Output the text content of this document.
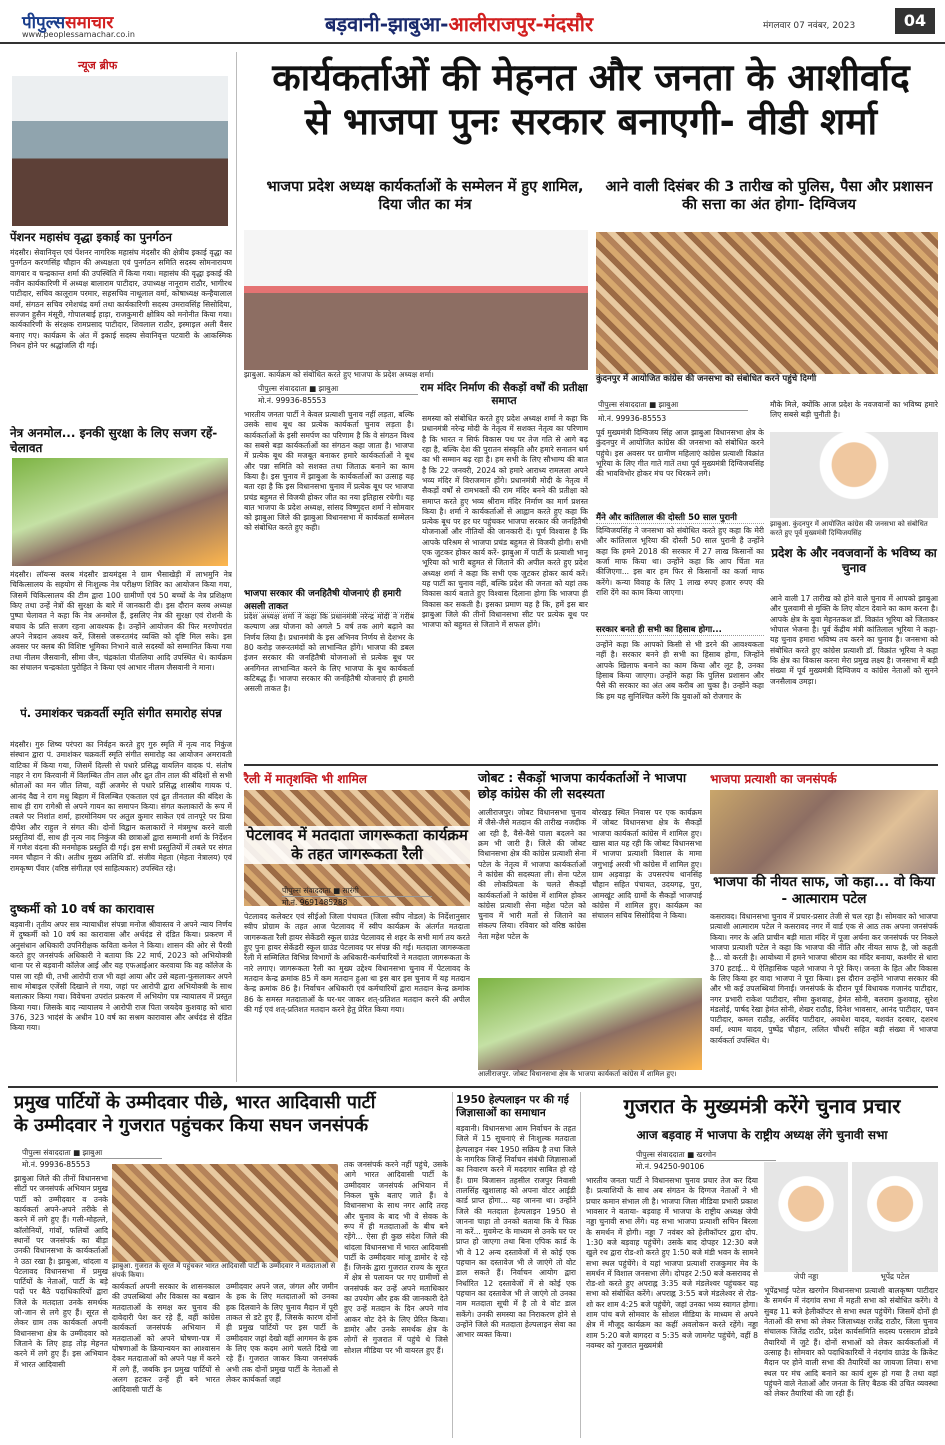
पीपुल्ससमाचार
www.peoplessamachar.co.in	बड़वानी-झाबुआ-आलीराजपुर-मंदसौर	मंगलवार 07 नवंबर, 2023	04
न्यूज ब्रीफ
पेंशनर महासंघ वृद्धा इकाई का पुनर्गठन
मंदसौर। सेवानिवृत्त एवं पेंशनर नागरिक महासंघ मंदसौर की क्षेत्रीय इकाई वृद्धा का पुनर्गठन करणसिंह चौहान की अध्यक्षता एवं पुनर्गठन समिति सदस्य सोमनारायण वागवार व चन्द्रकान्त शर्मा की उपस्थिति में किया गया। महासंघ की वृद्धा इकाई की नवीन कार्यकारिणी में अध्यक्ष बालाराम पाटीदार, उपाध्यक्ष नानूराम राठौर, भागीरथ पाटीदार, सचिव कालूराम परमार, सहसचिव नाथूलाल वर्मा, कोषाध्यक्ष कन्हैयालाल वर्मा, संगठन सचिव रमेशचंद्र वर्मा तथा कार्यकारिणी सदस्य उमरावसिंह सिसोदिया, सज्जन हुसैन मंसूरी, गोपालबाई हाड़ा, राजकुमारी क्षोत्रिय को मनोनीत किया गया। कार्यकारिणी के संरक्षक रामप्रसाद पाटीदार, शिवलाल राठौर, इस्माइल अली वैसर बनाए गए। कार्यक्रम के अंत में इकाई सदस्य सेवानिवृत्त पटवारी के आकस्मिक निधन होने पर श्रद्धांजलि दी गई।
नेत्र अनमोल... इनकी सुरक्षा के लिए सजग रहें- चेलावत
मंदसौर। लॉयन्स क्लब मंदसौर डायमंड्स ने ग्राम भैसाखेड़ी में लाभमुनि नेत्र चिकित्सालय के सहयोग से निःशुल्क नेत्र परीक्षण शिविर का आयोजन किया गया, जिसमें चिकित्सालय की टीम द्वारा 100 ग्रामीणों एवं 50 बच्चों के नेत्र प्रशिक्षण किए तथा उन्हें नेत्रों की सुरक्षा के बारे में जानकारी दी। इस दौरान क्लब अध्यक्ष पुष्पा चेलावत ने कहा कि नेत्र अनमोल हैं, इसलिए नेत्र की सुरक्षा एवं रोशनी के बचाव के प्रति सजग रहना आवश्यक है। उन्होंने आयोजन की फिर मरणोपरांत अपने नेत्रदान अवश्य करें, जिससे जरूरतमंद व्यक्ति को दृष्टि मिल सके। इस अवसर पर क्लब की विशिष्ट भूमिका निभाने वाले सदस्यों को सम्मानित किया गया तथा नीलम जैसवानी, सीमा जैन, चंद्रकांता पीतलिया आदि उपस्थित थे। कार्यक्रम का संचालन चन्द्रकांता पुरोहित ने किया एवं आभार नीलम जैसवानी ने माना।
पं. उमाशंकर चक्रवर्ती स्मृति संगीत समारोह संपन्न
मंदसौर। गुरु शिष्य परंपरा का निर्वहन करते हुए गुरु स्मृति में नृत्य नाद निकुंज संस्थान द्वारा पं. उमाशंकर चक्रवर्ती स्मृति संगीत समारोह का आयोजन अमरावती वाटिका में किया गया, जिसमें दिल्ली से पधारे प्रसिद्ध वायलिन वादक पं. संतोष नाहर ने राग किरवानी में विलम्बित तीन ताल और द्रुत तीन ताल की बंदिशों से सभी श्रोताओं का मन जीत लिया, वहीं अजमेर से पधारे प्रसिद्ध शास्त्रीय गायक पं. आनंद वैद्य ने राग मधु बिहाग में विलम्बित एकताल एवं द्रुत तीनताल की बंदिश के साथ ही राग रागेश्री से अपने गायन का समापन किया। संगत कलाकारों के रूप में तबले पर निशांत शर्मा, हारमोनियम पर अतुल कुमार साकेत एवं तानपूरे पर प्रिया दीपेश और राहुल ने संगत की। दोनों विद्वान कलाकारों ने मंत्रमुग्ध करने वाली प्रस्तुतियां दीं, साथ ही नृत्य नाद निकुंज की छात्राओं द्वारा सम्मानी शर्मा के निर्देशन में गणेश वंदना की मनमोहक प्रस्तुति दी गई। इस सभी प्रस्तुतियों में तबले पर संगत नमन चौहान ने की। अतीथ मुख्य अतिथि डॉ. संजीव मेहता (मेहता नेत्रालय) एवं रामकृष्ण पँवार (वरिष्ठ संगीतज्ञ एवं साहित्यकार) उपस्थित रहे।
दुष्कर्मी को 10 वर्ष का कारावास
बड़वानी। तृतीय अपर सत्र न्यायाधीश संपन्ना मनोज श्रीवास्तव ने अपने न्याय निर्णय में दुष्कर्मी को 10 वर्ष का कारावास और अर्थदंड से दंडित किया। प्रकरण में अनुसंधान अधिकारी उपनिरीक्षक कविता कनेल ने किया। शासन की ओर से पैरवी करते हुए जनसंपर्क अधिकारी ने बताया कि 22 मार्च, 2023 को अभियोक्त्री थाना पर से बड़वानी कॉलेज आई और यह एफआईआर करवाया कि वह कॉलेज के पास जा रही थी, तभी आरोपी राज भी वहां आया और उसे बहला-फुसलाकर अपने साथ मोबाइल एजेंसी दिखाने ले गया, जहां पर आरोपी द्वारा अभियोक्त्री के साथ बलात्कार किया गया। विवेचना उपरांत प्रकरण में अभियोग पत्र न्यायालय में प्रस्तुत किया गया। जिसके बाद न्यायालय ने आरोपी राज पिता जयदेव कुशवाह को धारा 376, 323 भादंसं के अधीन 10 वर्ष का सश्रम कारावास और अर्थदंड से दंडित किया गया।
कार्यकर्ताओं की मेहनत और जनता के आशीर्वाद
से भाजपा पुनः सरकार बनाएगी- वीडी शर्मा
भाजपा प्रदेश अध्यक्ष कार्यकर्ताओं के सम्मेलन में हुए शामिल, दिया जीत का मंत्र
झाबुआ. कार्यक्रम को संबोधित करते हुए भाजपा के प्रदेश अध्यक्ष शर्मा।
पीपुल्स संवाददाता ■ झाबुआ
मो.नं. 99936-85553
भारतीय जनता पार्टी ने केवल प्रत्याशी चुनाव नहीं लड़ता, बल्कि उसके साथ बूथ का प्रत्येक कार्यकर्ता चुनाव लड़ता है। कार्यकर्ताओं के इसी समर्पण का परिणाम है कि वे संगठन विश्व का सबसे बड़ा कार्यकर्ताओं का संगठन कहा जाता है। भाजपा में प्रत्येक बूथ की मजबूत बनाकर हमारे कार्यकर्ताओं ने बूथ और पन्ना समिति को सशक्त तथा जिताऊ बनाने का काम किया है। इस चुनाव में झाबुआ के कार्यकर्ताओं का उत्साह यह बता रहा है कि इस विधानसभा चुनाव में प्रत्येक बूथ पर भाजपा प्रचंड बहुमत से विजयी होकर जीत का नया इतिहास रचेगी। यह बात भाजपा के प्रदेश अध्यक्ष, सांसद विष्णुदत्त शर्मा ने सोमवार को झाबुआ जिले की झाबुआ विधानसभा में कार्यकर्ता सम्मेलन को संबोधित करते हुए कही।
भाजपा सरकार की जनहितैषी योजनाएं ही हमारी असली ताकत
प्रदेश अध्यक्ष शर्मा ने कहा कि प्रधानमंत्री नरेन्द्र मोदी ने गरीब कल्याण अन्न योजना को अगले 5 वर्ष तक आगे बढ़ाने का निर्णय लिया है। प्रधानमंत्री के इस अभिनव निर्णय से देशभर के 80 करोड़ जरूरतमंदों को लाभान्वित होंगे। भाजपा की डबल इंजन सरकार की जनहितैषी योजनाओं से प्रत्येक बूथ पर अनगिनत लाभान्वित करने के लिए भाजपा के बूथ कार्यकर्ता कटिबद्ध हैं। भाजपा सरकार की जनहितैषी योजनाएं ही हमारी असली ताकत है।
राम मंदिर निर्माण की सैकड़ों वर्षों की प्रतीक्षा समाप्त
समस्या को संबोधित करते हुए प्रदेश अध्यक्ष शर्मा ने कहा कि प्रधानमंत्री नरेन्द्र मोदी के नेतृत्व में सशक्त नेतृत्व का परिणाम है कि भारत न सिर्फ विकास पथ पर तेज गति से आगे बढ़ रहा है, बल्कि देश की पुरातन संस्कृति और हमारे सनातन धर्म का भी सम्मान बढ़ रहा है। हम सभी के लिए सौभाग्य की बात है कि 22 जनवरी, 2024 को हमारे आराध्य रामलला अपने भव्य मंदिर में विराजमान होंगे। प्रधानमंत्री मोदी के नेतृत्व में सैकड़ों वर्षों से रामभक्तों की राम मंदिर बनने की प्रतीक्षा को समाप्त करते हुए भव्य श्रीराम मंदिर निर्माण का मार्ग प्रशस्त किया है। शर्मा ने कार्यकर्ताओं से आह्वान करते हुए कहा कि प्रत्येक बूथ पर हर घर पहुंचकर भाजपा सरकार की जनहितैषी योजनाओं और नीतियों की जानकारी दें। पूर्ण विश्वास है कि आपके परिश्रम से भाजपा प्रचंड बहुमत से विजयी होगी। सभी एक जुटकर होकर कार्य करें- झाबुआ में पार्टी के प्रत्याशी भानू भूरिया को भारी बहुमत से जिताने की अपील करते हुए प्रदेश अध्यक्ष शर्मा ने कहा कि सभी एक जुटकर होकर कार्य करें। यह पार्टी का चुनाव नहीं, बल्कि प्रदेश की जनता को यहां तक विकास कार्य बताते हुए विश्वास दिलाना होगा कि भाजपा ही विकास कर सकती है। इसका प्रमाण यह है कि, हमें इस बार झाबुआ जिले की तीनों विधानसभा सीट पर प्रत्येक बूथ पर भाजपा को बहुमत से जिताने में सफल होंगे।
आने वाली दिसंबर की 3 तारीख को पुलिस, पैसा और प्रशासन की सत्ता का अंत होगा- दिग्विजय
कुंदनपुर में आयोजित कांग्रेस की जनसभा को संबोधित करने पहुंचे दिग्गी
पीपुल्स संवाददाता ■ झाबुआ
मो.नं. 99936-85553
पूर्व मुख्यमंत्री दिग्विजय सिंह आज झाबुआ विधानसभा क्षेत्र के कुंदनपुर में आयोजित कांग्रेस की जनसभा को संबोधित करने पहुंचे। इस अवसर पर ग्रामीण महिलाएं कांग्रेस प्रत्याशी विक्रांत भूरिया के लिए गीत गाते गातें तथा पूर्व मुख्यमंत्री दिग्विजयसिंह की भावविभोर होकर मंच पर थिरकने लगे।
मैंने और कांतिलाल की दोस्ती 50 साल पुरानी
दिग्विजयसिंह ने जनसभा को संबोधित करते हुए कहा कि मेरी और कांतिलाल भूरिया की दोस्ती 50 साल पुरानी है उन्होंने कहा कि हमने 2018 की सरकार में 27 लाख किसानों का कर्जा माफ किया था। उन्होंने कहा कि आप चिंता मत कीजिएगा... इस बार हम फिर से किसानों का कर्जा माफ करेंगे। कन्या विवाह के लिए 1 लाख रुपए हजार रुपए की राशि देंगे का काम किया जाएगा।
सरकार बनते ही सभी का हिसाब होगा...
उन्होंने कहा कि आपको किसी से भी डरने की आवश्यकता नहीं है। सरकार बनने ही सभी का हिसाब होगा, जिन्होंने आपके खिलाफ बनाने का काम किया और लूट है, उनका हिसाब किया जाएगा। उन्होंने कहा कि पुलिस प्रशासन और पैसे की सरकार का अंत अब करीब आ चुका है। उन्होंने कहा कि हम यह सुनिश्चित करेंगे कि युवाओं को रोजगार के
मौके मिले, क्योंकि आज प्रदेश के नवजवानों का भविष्य हमारे लिए सबसे बड़ी चुनौती है।
झाबुआ. कुंदनपुर में आयोजित कांग्रेस की जनसभा को संबोधित करते हुए पूर्व मुख्यमंत्री दिग्विजयसिंह
प्रदेश के और नवजवानों के भविष्य का चुनाव
आने वाली 17 तारीख को होने वाले चुनाव में आपको झाबुआ और पुलवामी से मुक्ति के लिए वोटन देवाने का काम करना है। आपके क्षेत्र के युवा मेहनतकश डॉ. विक्रांत भूरिया को जिताकर भोपाल भेजना है। पूर्व केंद्रीय मंत्री कांतिलाल भूरिया ने कहा- यह चुनाव हमारा भविष्य तय करने का चुनाव है। जनसभा को संबोधित करते हुए कांग्रेस प्रत्याशी डॉ. विक्रांत भूरिया ने कहा कि क्षेत्र का विकास करना मेरा प्रमुख लक्ष्य है। जनसभा में बड़ी संख्या में पूर्व मुख्यमंत्री दिग्विजय व कांग्रेस नेताओं को सुनने जनसैलाब उमड़ा।
रैली में मातृशक्ति भी शामिल
पेटलावद में मतदाता जागरूकता कार्यक्रम के तहत जागरूकता रैली
पीपुल्स संवाददाता ■ सारंगी
मो.नं. 9691485288
पेटलावद कलेक्टर एवं सीईओ जिला पंचायत (जिला स्वीप नोडल) के निर्देशानुसार स्वीप प्रोग्राम के तहत आज पेटलावद में स्वीप कार्यक्रम के अंतर्गत मतदाता जागरूकता रैली हायर सेकेंडरी स्कूल ग्राउंड पेटलावद से शहर के सभी मार्ग तय करते हुए पुनः हायर सेकेंडरी स्कूल ग्राउंड पेटलावद पर संपन्न की गई। मतदाता जागरूकता रैली में सम्मिलित विभिन्न विभागों के अधिकारी-कर्मचारियों ने मतदाता जागरूकता के नारे लगाए। जागरूकता रैली का मुख्य उद्देश्य विधानसभा चुनाव में पेटलावद के मतदान केन्द्र क्रमांक 85 में कम मतदान हुआ था इस बार इस चुनाव में यह मतदान केन्द्र क्रमांक 86 है। निर्वाचन अधिकारी एवं कर्मचारियों द्वारा मतदान केन्द्र क्रमांक 86 के समस्त मतदाताओं के घर-घर जाकर शत्-प्रतिशत मतदान करने की अपील की गई एवं शत्-प्रतिशत मतदान करने हेतु प्रेरित किया गया।
जोबट : सैकड़ों भाजपा कार्यकर्ताओं ने भाजपा छोड़ कांग्रेस की ली सदस्यता
आलीराजपुर। जोबट विधानसभा चुनाव में जैसे-जैसे मतदान की तारीख नजदीक आ रही है, वैसे-वैसे पाला बदलने का क्रम भी जारी है। जिले की जोबट विधानसभा क्षेत्र की कांग्रेस प्रत्याशी सेना पटेल के नेतृत्व में भाजपा कार्यकर्ताओं ने कांग्रेस की सदस्यता ली। सेना पटेल की लोकप्रियता के चलते सैकड़ों कार्यकर्ताओं ने कांग्रेस में शामिल होकर कांग्रेस प्रत्याशी सेना महेश पटेल को चुनाव में भारी मतों से जिताने का संकल्प लिया। रविवार को वरिष्ठ कांग्रेस नेता महेश पटेल के
बोरखड़ स्थित निवास पर एक कार्यक्रम में जोबट विधानसभा क्षेत्र के सैकड़ों भाजपा कार्यकर्ता कांग्रेस में शामिल हुए। खास बात यह रही कि जोबट विधानसभा में भाजपा प्रत्याशी विशाल के मामा जगुभाई अरवी भी कांग्रेस में शामिल हुए। ग्राम अड़वाड़ा के उपसरपंच थानसिंह चौहान सहित पंचायत, उदयगढ़, पुरा, आमखूंट आदि ग्रामों के सैकड़ों भाजपाई कांग्रेस में शामिल हुए। कार्यक्रम का संचालन सचिव सिसोदिया ने किया।
आलीराजपुर. जोबट विधानसभा क्षेत्र के भाजपा कार्यकर्ता कांग्रेस में शामिल हुए।
भाजपा प्रत्याशी का जनसंपर्क
भाजपा की नीयत साफ, जो कहा... वो किया - आत्माराम पटेल
कसरावद। विधानसभा चुनाव में प्रचार-प्रसार तेजी से चल रहा है। सोमवार को भाजपा प्रत्याशी आत्माराम पटेल ने कसरावद नगर में वार्ड एक से आठ तक अपना जनसंपर्क किया। नगर के अति प्राचीन बड़ी माता मंदिर में पूजा अर्चना कर जनसंपर्क पर निकले भाजपा प्रत्याशी पटेल ने कहा कि भाजपा की नीति और नीयत साफ है, जो कहती है... वो करती है। आयोध्या में हमने भाजपा श्रीराम का मंदिर बनाया, कश्मीर से धारा 370 हटाई... ये ऐतिहासिक पहले भाजपा ने पूरे किए। जनता के हित और विकास के लिए किया हर वादा भाजपा ने पूरा किया। इस दौरान उन्होंने भाजपा सरकार की और भी कई उपलब्धियां गिनाईं। जनसंपर्क के दौरान पूर्व विधायक गजानंद पाटीदार, नगर प्रभारी राकेश पाटीदार, सीमा कुशवाह, हेमंत सोनी, बलराम कुशवाह, सुरेश मंडलोई, पार्षद रेखा हेमंत सोनी, शेखर राठौड़, दिनेश भावसार, आनंद पाटीदार, पवन पाटीदार, कमल राठौड़, अरविंद पाटीदार, अवधेश यादव, यशवंत दरबार, दशरथ वर्मा, श्याम यादव, पुष्पेंद्र चौहान, ललित चौधरी सहित बड़ी संख्या में भाजपा कार्यकर्ता उपस्थित थे।
प्रमुख पार्टियों के उम्मीदवार पीछे, भारत आदिवासी पार्टी
के उम्मीदवार ने गुजरात पहुंचकर किया सघन जनसंपर्क
पीपुल्स संवाददाता ■ झाबुआ
मो.नं. 99936-85553
झाबुआ जिले की तीनों विधानसभा सीटों पर जनसंपर्क अभियान प्रमुख पार्टी को उम्मीदवार व उनके कार्यकर्ता अपने-अपने तरीके से करने में लगे हुए हैं। गली-मोहल्ले, कॉलोनियों, गांवों, फलियों आदि स्थानों पर जनसंपर्क का बीड़ा उनकी विधानसभा के कार्यकर्ताओं ने उठा रखा है। झाबुआ, थांदला व पेटलावद विधानसभा में प्रमुख पार्टियों के नेताओं, पार्टी के बड़े पदों पर बैठे पदाधिकारियों द्वारा जिले के मतदाता उनके समर्थक जो-जान से लगे हुए हैं। सूरत से लेकर ग्राम तक कार्यकर्ता अपनी विधानसभा क्षेत्र के उम्मीदवार को जिताने के लिए हाड़ तोड़ मेहनत करने में लगे हुए हैं। इस अभियान में भारत आदिवासी
झाबुआ. गुजरात के सूरत में पहुंचकर भारत आदिवासी पार्टी के उम्मीदवार ने मतदाताओं से संपर्क किया।
कार्यकर्ता अपनी सरकार के शासनकाल की उपलब्धियां और विकास का बखान मतदाताओं के समक्ष कर चुनाव की दावेदारी पेश कर रहे हैं, वहीं कांग्रेस कार्यकर्ता जनसंपर्क अभियान में मतदाताओं को अपने घोषणा-पत्र में घोषणाओं के क्रियान्वयन का आश्वासन देकर मतदाताओं को अपने पक्ष में करने में लगे हैं, जबकि इन प्रमुख पार्टियों से अलग हटकर उन्हें ही बने भारत आदिवासी पार्टी के
उम्मीदवार अपने जल, जंगल और जमीन के हक के लिए मतदाताओं को उनका हक दिलवाने के लिए चुनाव मैदान में पूरी ताकत से डटे हुए हैं, जिसके कारण दोनों ही प्रमुख पार्टियों पर इस पार्टी के उम्मीदवार जहां देखो वहीं आगमन के हक के लिए एक कदम आगे चलते दिखे जा रहे हैं। गुजरात जाकर किया जनसंपर्क अभी तक दोनों प्रमुख पार्टी के नेताओं से लेकर कार्यकर्ता जहां
तक जनसंपर्क करने नहीं पहुंचे, उसके आगे भारत आदिवासी पार्टी के उम्मीदवार जनसंपर्क अभियान में निकल चुके बताए जाते हैं। वे विधानसभा के साथ नगर आदि तरह और चुनाव के बाद भी वे सेवक के रूप में ही मतदाताओं के बीच बने रहेंगे... ऐसा ही कुछ संदेश जिले की थांदला विधानसभा में भारत आदिवासी पार्टी के उम्मीदवार मांजू डामोर दे रहे हैं। जिनके द्वारा गुजरात राज्य के सूरत में क्षेत्र से पलायन पर गए ग्रामीणों से जनसंपर्क कर उन्हें अपने मताधिकार का उपयोग और हक की जानकारी देते हुए उन्हें मतदान के दिन अपने गांव आकर वोट देने के लिए प्रेरित किया। डामोर और उनके समर्थक क्षेत्र के लोगों से गुजरात में पहुंचे थे जिसे सोशल मीडिया पर भी वायरल हुए हैं।
1950 हेल्पलाइन पर की गई जिज्ञासाओं का समाधान
बड़वानी। विधानसभा आम निर्वाचन के तहत जिले में 15 सूचनाएं से निःशुल्क मतदाता हेल्पलाइन नंबर 1950 सक्रिय है तथा जिले के नागरिक जिन्हें निर्वाचन संबंधी जिज्ञासाओं का निवारण करने में मददगार साबित हो रहे हैं। ग्राम बिजासन तहसील राजपुर निवासी तालसिंह खुशालाह को अपना वोटर आईडी कार्ड प्राप्त होगा... यह जानना था। उन्होंने जिले की मतदाता हेल्पलाइन 1950 से जानना चाहा तो उनको बताया कि वे फिक्र ना करें... मुवमेन्ट के माध्यम से उनके घर पर प्राप्त हो जाएगा तथा बिना एपिक कार्ड के भी वे 12 अन्य दस्तावेजों में से कोई एक पहचान का दस्तावेज भी ले जाएंगे तो वोट डाल सकते हैं। निर्वाचन आयोग द्वारा निर्धारित 12 दस्तावेजों में से कोई एक पहचान का दस्तावेज भी ले जाएंगे तो उनका नाम मतदाता सूची में है तो वे वोट डाल सकेंगे। उनकी समस्या का निराकरण होने से उन्होंने जिले की मतदाता हेल्पलाइन सेवा का आभार व्यक्त किया।
गुजरात के मुख्यमंत्री करेंगे चुनाव प्रचार
आज बड़वाह में भाजपा के राष्ट्रीय अध्यक्ष लेंगे चुनावी सभा
पीपुल्स संवाददाता ■ खरगोन
मो.नं. 94250-90106
भारतीय जनता पार्टी ने विधानसभा चुनाव प्रचार तेज कर दिया है। प्रत्याशियों के साथ अब संगठन के दिग्गज नेताओं ने भी प्रचार कमान संभाल ली है। भाजपा जिला मीडिया प्रभारी प्रकाश भावसार ने बताया- बड़वाह में भाजपा के राष्ट्रीय अध्यक्ष जेपी नड्डा चुनावी सभा लेंगे। यह सभा भाजपा प्रत्याशी सचिन बिरला के समर्थन में होगी। नड्डा 7 नवंबर को हेलीकॉप्टर द्वारा दोप. 1:30 बजे बड़वाह पहुंचेंगे। उसके बाद दोपहर 12:30 बजे खुले रथ द्वारा रोड-शो करते हुए 1:50 बजे मंडी भवन के सामने सभा स्थल पहुंचेंगे। वे यहां भाजपा प्रत्याशी राजकुमार मेव के समर्थन में विशाल जनसभा लेंगे। दोपहर 2:50 बजे कसरावद से रोड-शो करते हुए अपराह्न 3:35 बजे मंडलेश्वर पहुंचकर यह सभा को संबोधित करेंगे। अपराह्न 3:55 बजे मंडलेश्वर से रोड-शो कर शाम 4:25 बजे पहुंचेंगे, जहां उनका भव्य स्वागत होगा। शाम पांच बजे सोमवार के सोशल मीडिया के माध्यम से अपने क्षेत्र में मौजूद कार्यक्रम का कहीं अवलोकन करते रहेंगे। नड्डा शाम 5:20 बजे बागदरा व 5:35 बजे जामगेट पहुंचेंगे, वहीं 8 नवम्बर को गुजरात मुख्यमंत्री
जेपी नड्डा	भूपेंद्र पटेल
भूपेंद्रभाई पटेल खरगोन विधानसभा प्रत्याशी बालकृष्ण पाटीदार के समर्थन में नंदगांव सभा में महती सभा को संबोधित करेंगे। वे सुबह 11 बजे हेलीकॉप्टर से सभा स्थल पहुंचेंगे। जिसमें दोनों ही नेताओं की सभा को लेकर जिलाध्यक्ष राजेंद्र राठौर, जिला चुनाव संचालक जितेंद्र राठौर, प्रदेश कार्यसमिति सदस्य परसराम डोडवे तैयारियों में जुटे हैं। दोनों सभाओं को लेकर कार्यकर्ताओं में उत्साह है। सोमवार को पदाधिकारियों ने नंदगांव ग्राउंड के क्रिकेट मैदान पर होने वाली सभा की तैयारियों का जायजा लिया। सभा स्थल पर मंच आदि बनाने का कार्य शुरू हो गया है तथा वहां पहुंचने वाले नेताओं और जनता के लिए बैठक की उचित व्यवस्था को लेकर तैयारियां की जा रही हैं।
